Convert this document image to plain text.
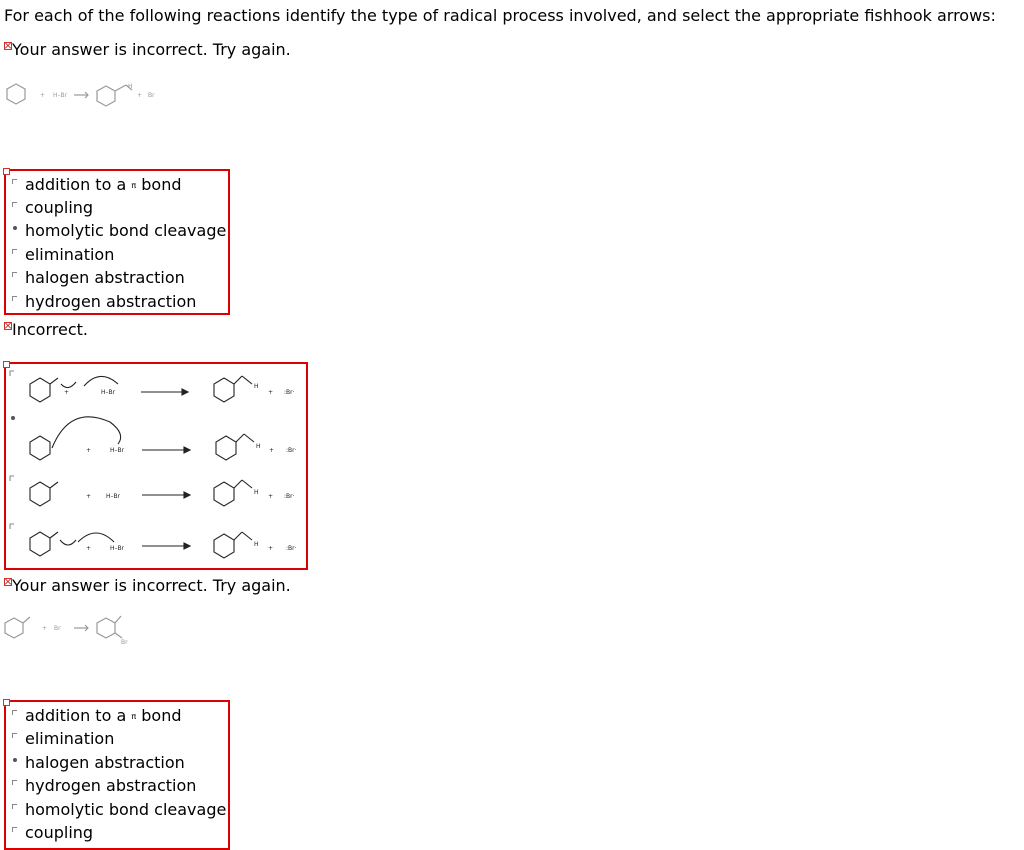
For each of the following reactions identify the type of radical process involved, and select the appropriate fishhook arrows:
Your answer is incorrect. Try again.
+ H–Br
H
+ Br
addition to a π bond
coupling
homolytic bond cleavage
elimination
halogen abstraction
hydrogen abstraction
Incorrect.
+	H–Br
H
+ :Br·
+	H–Br
H
+ :Br·
+ H–Br
H
+ :Br·
+	H–Br
H
+ :Br·
Your answer is incorrect. Try again.
+ Br
Br
addition to a π bond
elimination
halogen abstraction
hydrogen abstraction
homolytic bond cleavage
coupling
